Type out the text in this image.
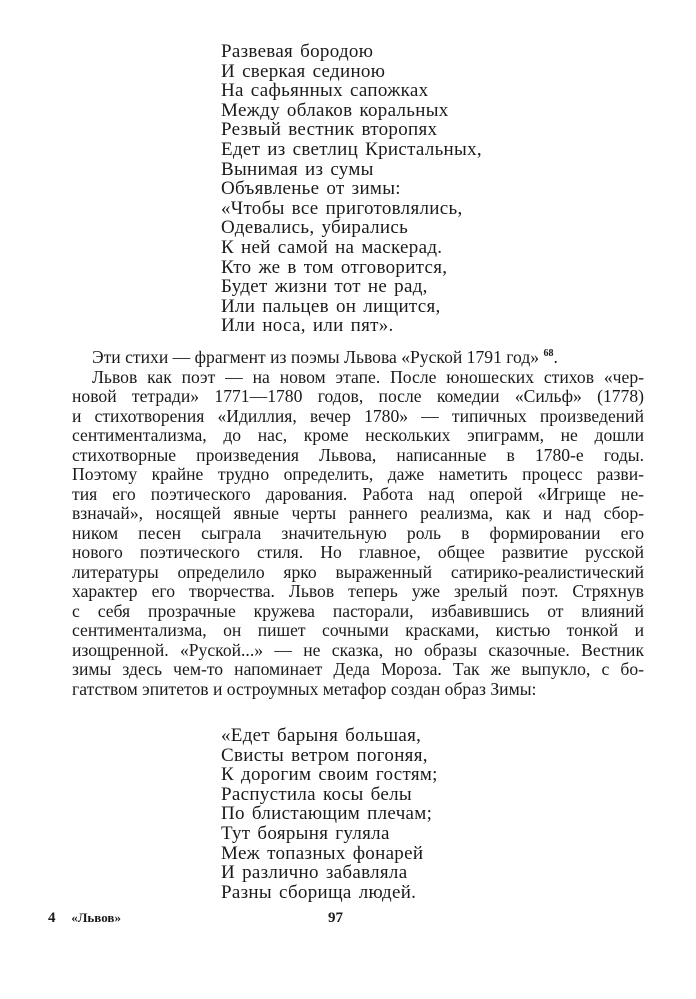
Развевая бородою
И сверкая сединою
На сафьянных сапожках
Между облаков коральных
Резвый вестник второпях
Едет из светлиц Кристальных,
Вынимая из сумы
Объявленье от зимы:
«Чтобы все приготовлялись,
Одевались, убирались
К ней самой на маскерад.
Кто же в том отговорится,
Будет жизни тот не рад,
Или пальцев он лищится,
Или носа, или пят».
Эти стихи — фрагмент из поэмы Львова «Руской 1791 год» $^{68}$.
Львов как поэт — на новом этапе. После юношеских стихов «чер-
новой тетради» 1771—1780 годов, после комедии «Сильф» (1778)
и стихотворения «Идиллия, вечер 1780» — типичных произведений
сентиментализма, до нас, кроме нескольких эпиграмм, не дошли
стихотворные произведения Львова, написанные в 1780-е годы.
Поэтому крайне трудно определить, даже наметить процесс разви-
тия его поэтического дарования. Работа над оперой «Игрище не-
взначай», носящей явные черты раннего реализма, как и над сбор-
ником песен сыграла значительную роль в формировании его
нового поэтического стиля. Но главное, общее развитие русской
литературы определило ярко выраженный сатирико-реалистический
характер его творчества. Львов теперь уже зрелый поэт. Стряхнув
с себя прозрачные кружева пасторали, избавившись от влияний
сентиментализма, он пишет сочными красками, кистью тонкой и
изощренной. «Руской...» — не сказка, но образы сказочные. Вестник
зимы здесь чем-то напоминает Деда Мороза. Так же выпукло, с бо-
гатством эпитетов и остроумных метафор создан образ Зимы:
«Едет барыня большая,
Свисты ветром погоняя,
К дорогим своим гостям;
Распустила косы белы
По блистающим плечам;
Тут боярыня гуляла
Меж топазных фонарей
И различно забавляла
Разны сборища людей.
4 «Львов»	97
